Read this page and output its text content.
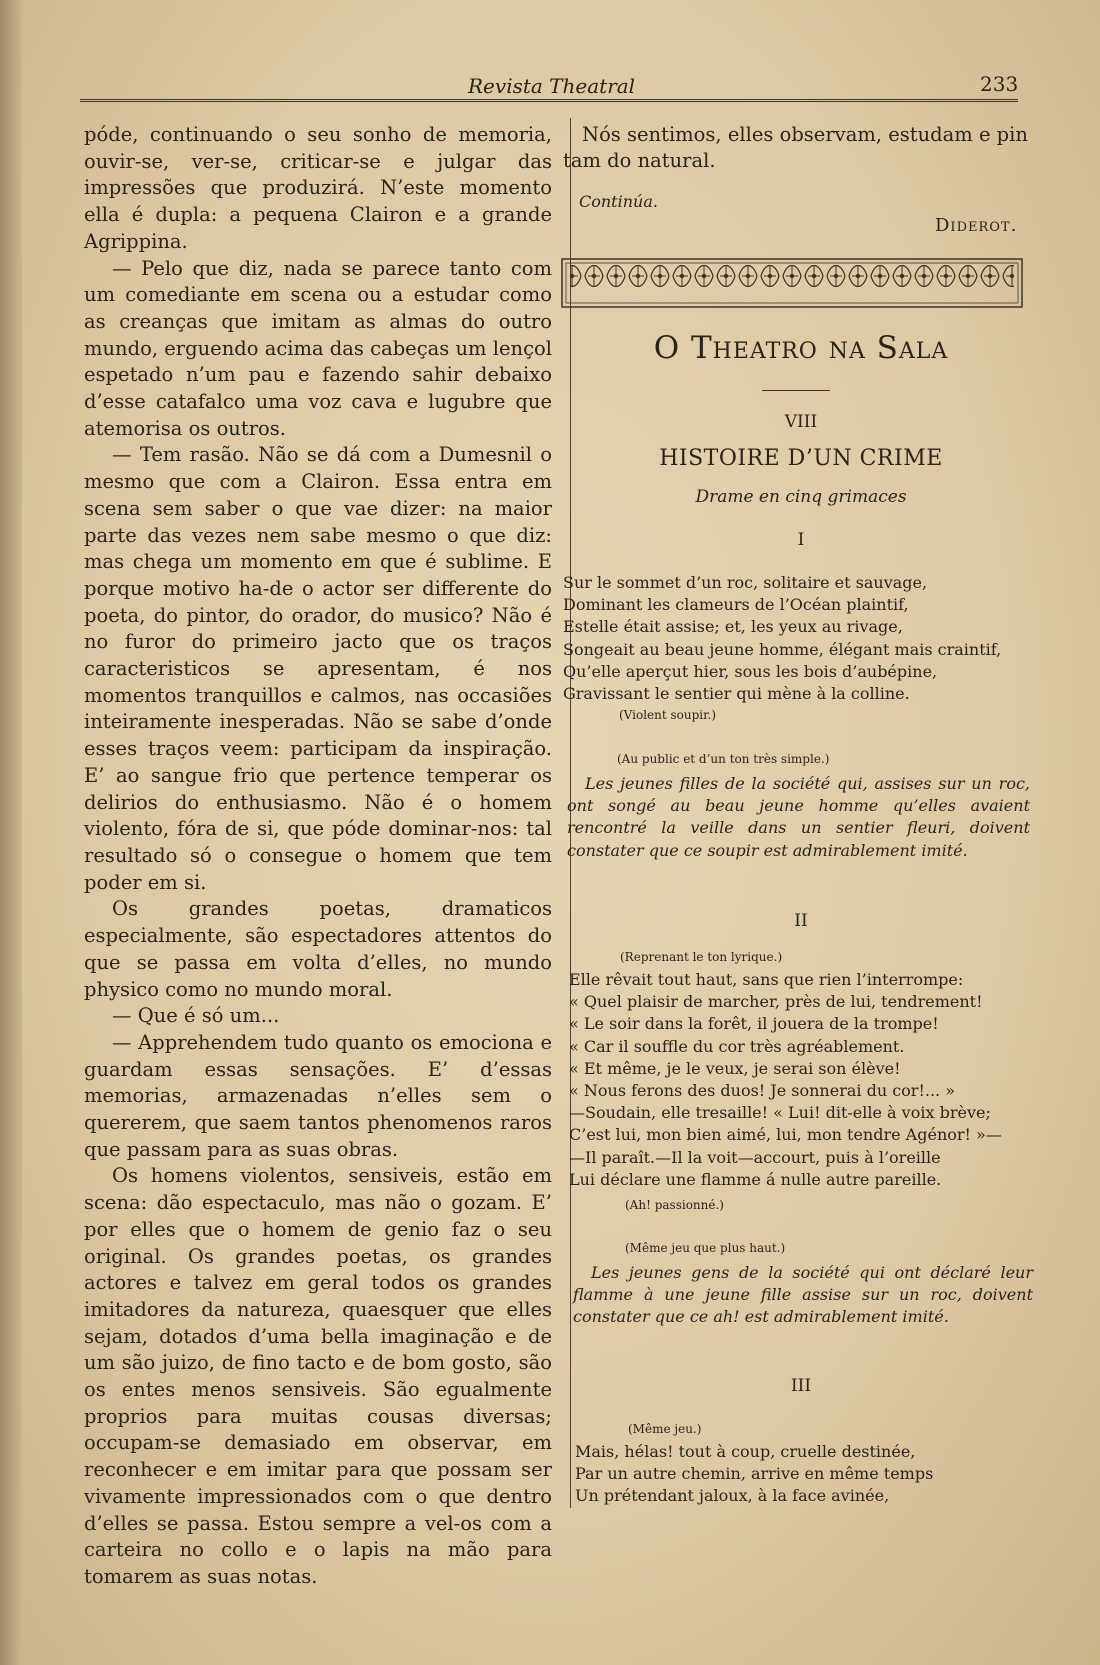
Revista Theatral	233

póde, continuando o seu sonho de memoria, ouvir-se, ver-se, criticar-se e julgar das impressões que produzirá. N’este momento ella é dupla: a pequena Clairon e a grande Agrippina.

— Pelo que diz, nada se parece tanto com um comediante em scena ou a estudar como as creanças que imitam as almas do outro mundo, erguendo acima das cabeças um lençol espetado n’um pau e fazendo sahir debaixo d’esse catafalco uma voz cava e lugubre que atemorisa os outros.

— Tem rasão. Não se dá com a Dumesnil o mesmo que com a Clairon. Essa entra em scena sem saber o que vae dizer: na maior parte das vezes nem sabe mesmo o que diz: mas chega um momento em que é sublime. E porque motivo ha-de o actor ser differente do poeta, do pintor, do orador, do musico? Não é no furor do primeiro jacto que os traços caracteristicos se apresentam, é nos momentos tranquillos e calmos, nas occasiões inteiramente inesperadas. Não se sabe d’onde esses traços veem: participam da inspiração. E’ ao sangue frio que pertence temperar os delirios do enthusiasmo. Não é o homem violento, fóra de si, que póde dominar-nos: tal resultado só o consegue o homem que tem poder em si.

Os grandes poetas, dramaticos especialmente, são espectadores attentos do que se passa em volta d’elles, no mundo physico como no mundo moral.

— Que é só um...

— Apprehendem tudo quanto os emociona e guardam essas sensações. E’ d’essas memorias, armazenadas n’elles sem o quererem, que saem tantos phenomenos raros que passam para as suas obras.

Os homens violentos, sensiveis, estão em scena: dão espectaculo, mas não o gozam. E’ por elles que o homem de genio faz o seu original. Os grandes poetas, os grandes actores e talvez em geral todos os grandes imitadores da natureza, quaesquer que elles sejam, dotados d’uma bella imaginação e de um são juizo, de fino tacto e de bom gosto, são os entes menos sensiveis. São egualmente proprios para muitas cousas diversas; occupam-se demasiado em observar, em reconhecer e em imitar para que possam ser vivamente impressionados com o que dentro d’elles se passa. Estou sempre a vel-os com a carteira no collo e o lapis na mão para tomarem as suas notas.

Nós sentimos, elles observam, estudam e pin
tam do natural.
Continúa.
Diderot.
O Theatro na Sala
VIII
HISTOIRE D’UN CRIME
Drame en cinq grimaces
I
Sur le sommet d’un roc, solitaire et sauvage,
Dominant les clameurs de l’Océan plaintif,
Estelle était assise; et, les yeux au rivage,
Songeait au beau jeune homme, élégant mais craintif,
Qu’elle aperçut hier, sous les bois d’aubépine,
Gravissant le sentier qui mène à la colline.
(Violent soupir.)
(Au public et d’un ton très simple.)
Les jeunes filles de la société qui, assises sur un roc, ont songé au beau jeune homme qu’elles avaient rencontré la veille dans un sentier fleuri, doivent constater que ce soupir est admirablement imité.
II
(Reprenant le ton lyrique.)
Elle rêvait tout haut, sans que rien l’interrompe:
« Quel plaisir de marcher, près de lui, tendrement!
« Le soir dans la forêt, il jouera de la trompe!
« Car il souffle du cor très agréablement.
« Et même, je le veux, je serai son élève!
« Nous ferons des duos! Je sonnerai du cor!... »
—Soudain, elle tresaille! « Lui! dit-elle à voix brève;
C’est lui, mon bien aimé, lui, mon tendre Agénor! »—
—Il paraît.—Il la voit—accourt, puis à l’oreille
Lui déclare une flamme á nulle autre pareille.
(Ah! passionné.)
(Même jeu que plus haut.)
Les jeunes gens de la société qui ont déclaré leur flamme à une jeune fille assise sur un roc, doivent constater que ce ah! est admirablement imité.
III
(Même jeu.)
Mais, hélas! tout à coup, cruelle destinée,
Par un autre chemin, arrive en même temps
Un prétendant jaloux, à la face avinée,
